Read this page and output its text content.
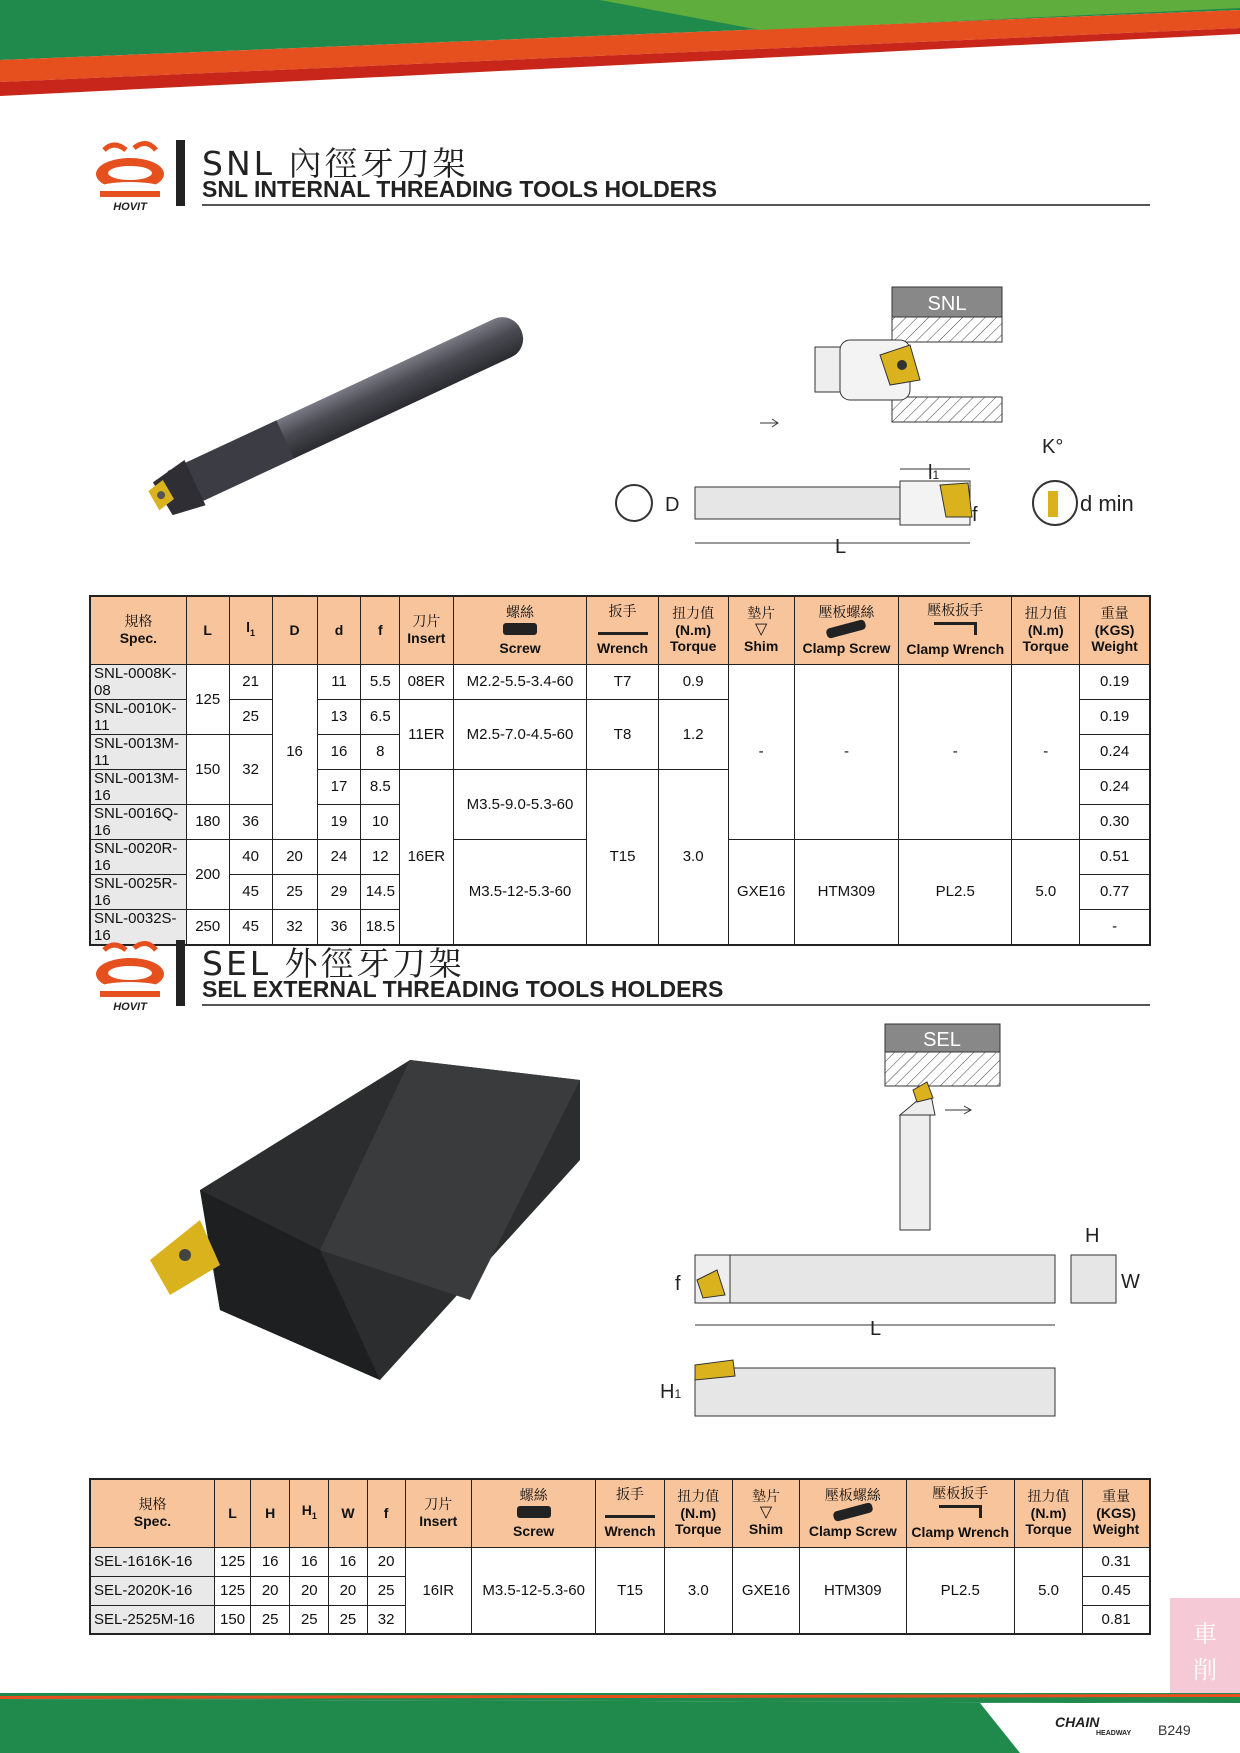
HOVIT
SNL 內徑牙刀架
SNL INTERNAL THREADING TOOLS HOLDERS
SNL
D
L
l1
f
K°
d min
規格
Spec.	L	$l_1$	D	d	f	刀片
Insert	螺絲
Screw	扳手
Wrench	扭力值
(N.m)
Torque	墊片
▽
Shim	壓板螺絲
Clamp Screw	壓板扳手
Clamp Wrench	扭力值
(N.m)
Torque	重量
(KGS)
Weight

SNL-0008K-08	125	21	16	11	5.5	08ER	M2.2-5.5-3.4-60	T7	0.9	-	-	-	-	0.19
SNL-0010K-11		25		13	6.5	11ER	M2.5-7.0-4.5-60	T8	1.2					0.19
SNL-0013M-11	150	32		16	8									0.24
SNL-0013M-16				17	8.5	16ER	M3.5-9.0-5.3-60	T15	3.0					0.24
SNL-0016Q-16	180	36		19	10									0.30
SNL-0020R-16	200	40	20	24	12		M3.5-12-5.3-60			GXE16	HTM309	PL2.5	5.0	0.51
SNL-0025R-16		45	25	29	14.5									0.77
SNL-0032S-16	250	45	32	36	18.5									-
HOVIT
SEL 外徑牙刀架
SEL EXTERNAL THREADING TOOLS HOLDERS
SEL
f
L
H
W
H1
規格
Spec.	L	H	$H_1$	W	f	刀片
Insert	螺絲
Screw	扳手
Wrench	扭力值
(N.m)
Torque	墊片
▽
Shim	壓板螺絲
Clamp Screw	壓板扳手
Clamp Wrench	扭力值
(N.m)
Torque	重量
(KGS)
Weight

SEL-1616K-16	125	16	16	16	20	16IR	M3.5-12-5.3-60	T15	3.0	GXE16	HTM309	PL2.5	5.0	0.31
SEL-2020K-16	125	20	20	20	25									0.45
SEL-2525M-16	150	25	25	25	32									0.81
車
削
CHAIN
HEADWAY B249
